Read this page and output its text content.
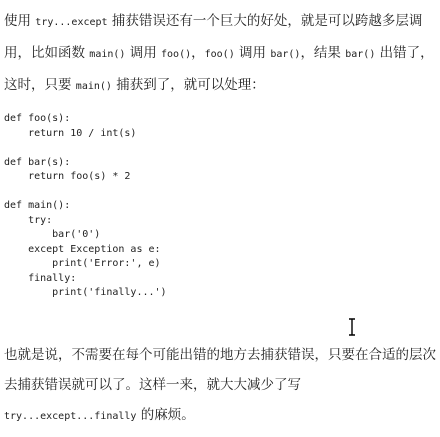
使用 try...except 捕获错误还有一个巨大的好处，就是可以跨越多层调用，比如函数 main() 调用 foo()，foo() 调用 bar()，结果 bar() 出错了，这时，只要 main() 捕获到了，就可以处理：

def foo(s):
return 10 / int(s)
def bar(s):
return foo(s) * 2
def main():
try:
bar('0')
except Exception as e:
print('Error:', e)
finally:
print('finally...')

也就是说，不需要在每个可能出错的地方去捕获错误，只要在合适的层次去捕获错误就可以了。这样一来，就大大减少了写 try...except...finally 的麻烦。
